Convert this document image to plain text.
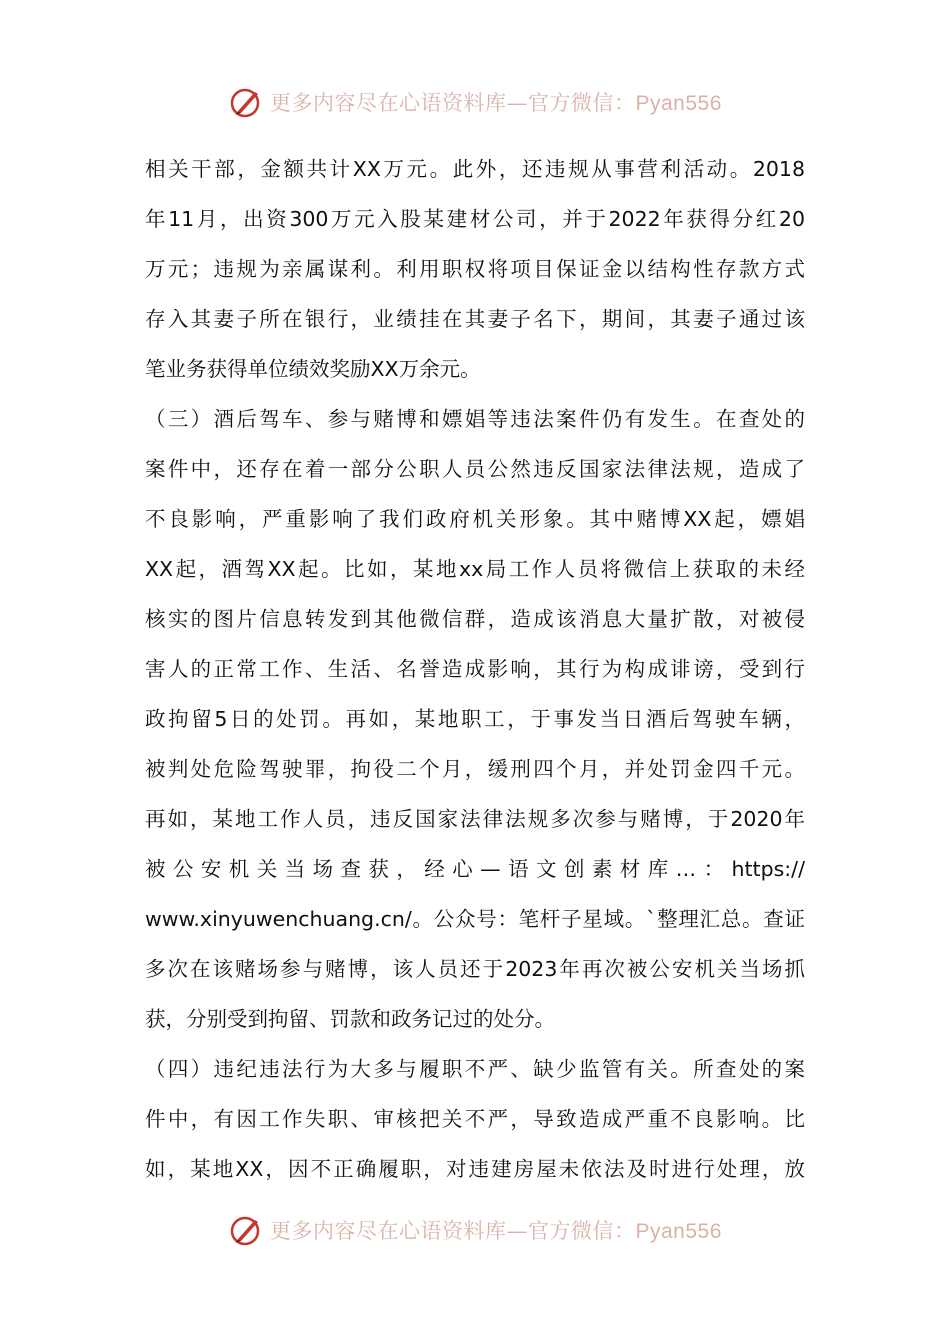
更多内容尽在心语资料库—官方微信：Pyan556
相关干部，金额共计XX万元。此外，还违规从事营利活动。2018
年11月，出资300万元入股某建材公司，并于2022年获得分红20
万元；违规为亲属谋利。利用职权将项目保证金以结构性存款方式
存入其妻子所在银行，业绩挂在其妻子名下，期间，其妻子通过该
笔业务获得单位绩效奖励XX万余元。
（三）酒后驾车、参与赌博和嫖娼等违法案件仍有发生。在查处的
案件中，还存在着一部分公职人员公然违反国家法律法规，造成了
不良影响，严重影响了我们政府机关形象。其中赌博XX起，嫖娼
XX起，酒驾XX起。比如，某地xx局工作人员将微信上获取的未经
核实的图片信息转发到其他微信群，造成该消息大量扩散，对被侵
害人的正常工作、生活、名誉造成影响，其行为构成诽谤，受到行
政拘留5日的处罚。再如，某地职工，于事发当日酒后驾驶车辆，
被判处危险驾驶罪，拘役二个月，缓刑四个月，并处罚金四千元。
再如，某地工作人员，违反国家法律法规多次参与赌博，于2020年
被公安机关当场查获，经心—语文创素材库…：https://
www.xinyuwenchuang.cn/。公众号：笔杆子星域。`整理汇总。查证
多次在该赌场参与赌博，该人员还于2023年再次被公安机关当场抓
获，分别受到拘留、罚款和政务记过的处分。
（四）违纪违法行为大多与履职不严、缺少监管有关。所查处的案
件中，有因工作失职、审核把关不严，导致造成严重不良影响。比
如，某地XX，因不正确履职，对违建房屋未依法及时进行处理，放
更多内容尽在心语资料库—官方微信：Pyan556
